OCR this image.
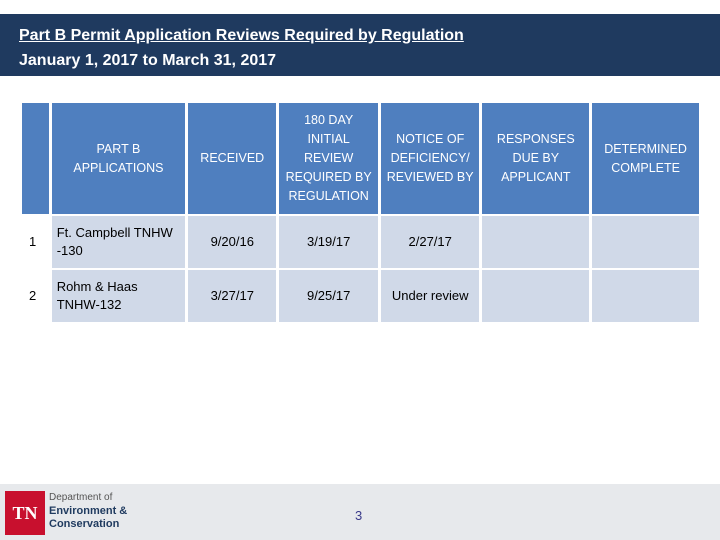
Part B Permit Application Reviews Required by Regulation
January 1, 2017 to March 31, 2017
	PART B APPLICATIONS	RECEIVED	180 DAY INITIAL REVIEW REQUIRED BY REGULATION	NOTICE OF DEFICIENCY/ REVIEWED BY	RESPONSES DUE BY APPLICANT	DETERMINED COMPLETE
1	Ft. Campbell TNHW -130	9/20/16	3/19/17	2/27/17		
2	Rohm & Haas TNHW-132	3/27/17	9/25/17	Under review		
TN
Department of
Environment &
Conservation
3
